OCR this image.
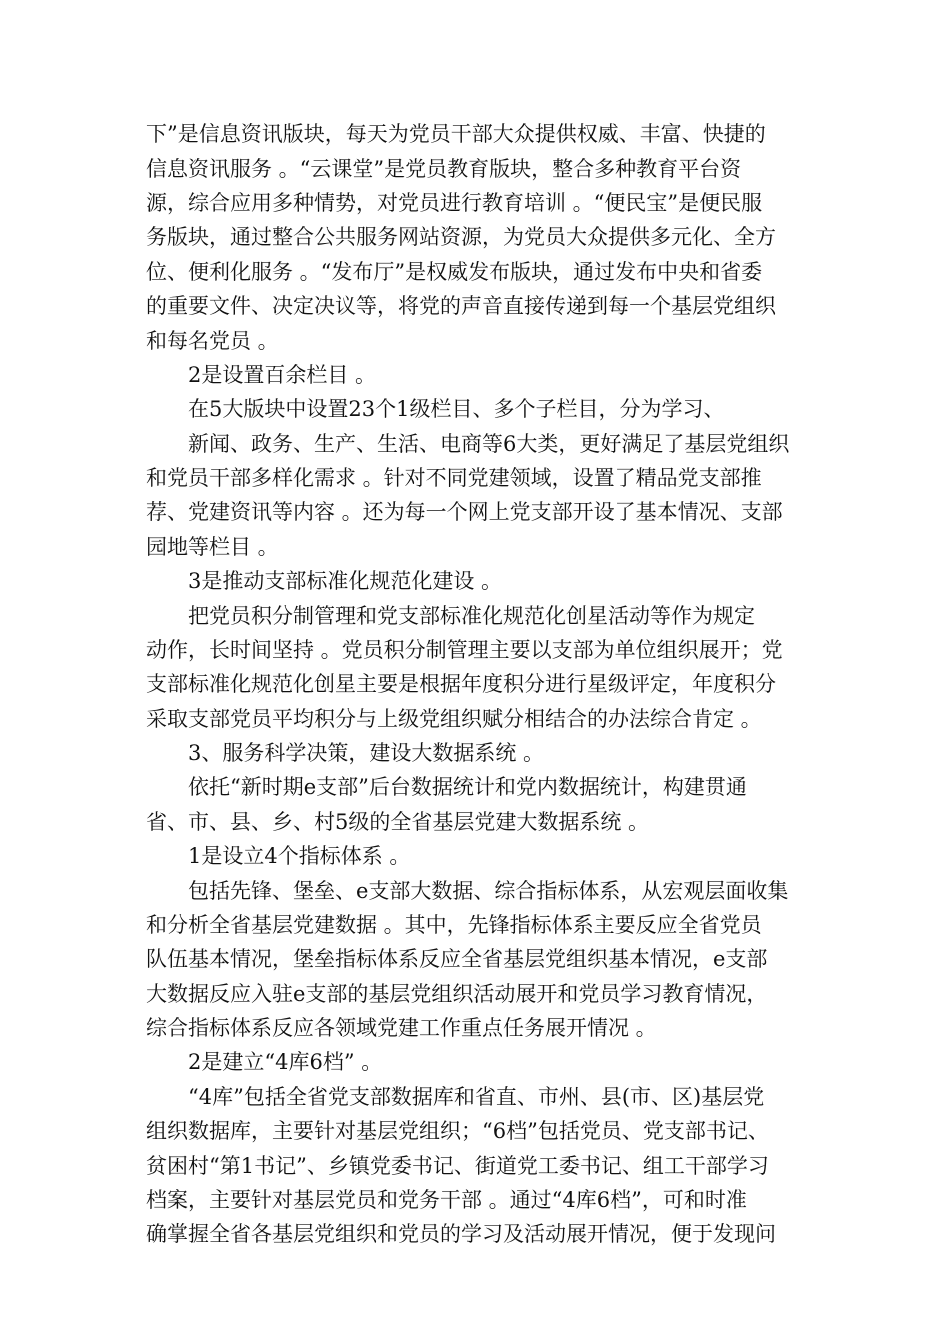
下”是信息资讯版块，每天为党员干部大众提供权威、丰富、快捷的
信息资讯服务 。“云课堂”是党员教育版块，整合多种教育平台资
源，综合应用多种情势，对党员进行教育培训 。“便民宝”是便民服
务版块，通过整合公共服务网站资源，为党员大众提供多元化、全方
位、便利化服务 。“发布厅”是权威发布版块，通过发布中央和省委
的重要文件、决定决议等，将党的声音直接传递到每一个基层党组织
和每名党员 。
2是设置百余栏目 。
在5大版块中设置23个1级栏目、多个子栏目，分为学习、
新闻、政务、生产、生活、电商等6大类，更好满足了基层党组织
和党员干部多样化需求 。针对不同党建领域，设置了精品党支部推
荐、党建资讯等内容 。还为每一个网上党支部开设了基本情况、支部
园地等栏目 。
3是推动支部标准化规范化建设 。
把党员积分制管理和党支部标准化规范化创星活动等作为规定
动作，长时间坚持 。党员积分制管理主要以支部为单位组织展开；党
支部标准化规范化创星主要是根据年度积分进行星级评定，年度积分
采取支部党员平均积分与上级党组织赋分相结合的办法综合肯定 。
3、服务科学决策，建设大数据系统 。
依托“新时期e支部”后台数据统计和党内数据统计，构建贯通
省、市、县、乡、村5级的全省基层党建大数据系统 。
1是设立4个指标体系 。
包括先锋、堡垒、e支部大数据、综合指标体系，从宏观层面收集
和分析全省基层党建数据 。其中，先锋指标体系主要反应全省党员
队伍基本情况，堡垒指标体系反应全省基层党组织基本情况，e支部
大数据反应入驻e支部的基层党组织活动展开和党员学习教育情况，
综合指标体系反应各领域党建工作重点任务展开情况 。
2是建立“4库6档” 。
“4库”包括全省党支部数据库和省直、市州、县(市、区)基层党
组织数据库，主要针对基层党组织；“6档”包括党员、党支部书记、
贫困村“第1书记”、乡镇党委书记、街道党工委书记、组工干部学习
档案，主要针对基层党员和党务干部 。通过“4库6档”，可和时准
确掌握全省各基层党组织和党员的学习及活动展开情况，便于发现问
